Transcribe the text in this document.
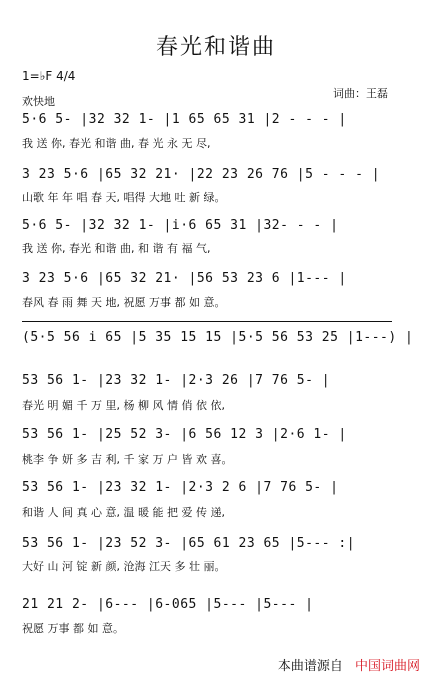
春光和谐曲
1=♭F 4/4
欢快地
词曲：王磊
5·6 5- |32 32 1- |1 65 65 31 |2 - - - |
我 送 你, 春光 和谐 曲, 春 光 永 无 尽,
3 23 5·6 |65 32 21· |22 23 26 76 |5 - - - |
山歌 年 年 唱 春 天, 唱得 大地 吐 新 绿。
5·6 5- |32 32 1- |i·6 65 31 |32- - - |
我 送 你, 春光 和谐 曲, 和 谐 有 福 气,
3 23 5·6 |65 32 21· |56 53 23 6 |1--- |
春风 春 雨 舞 天 地, 祝愿 万事 都 如 意。
(5·5 56 i 65 |5 35 15 15 |5·5 56 53 25 |1---) |
53 56 1- |23 32 1- |2·3 26 |7 76 5- |
春光 明 媚 千 万 里, 杨 柳 风 情 俏 依 依,
53 56 1- |25 52 3- |6 56 12 3 |2·6 1- |
桃李 争 妍 多 吉 利, 千 家 万 户 皆 欢 喜。
53 56 1- |23 32 1- |2·3 2 6 |7 76 5- |
和谐 人 间 真 心 意, 温 暖 能 把 爱 传 递,
53 56 1- |23 52 3- |65 61 23 65 |5--- :|
大好 山 河 锭 新 颜, 沧海 江天 多 壮 丽。
21 21 2- |6--- |6-065 |5--- |5--- |
祝愿 万事 都 如 意。
本曲谱源自 中国词曲网
